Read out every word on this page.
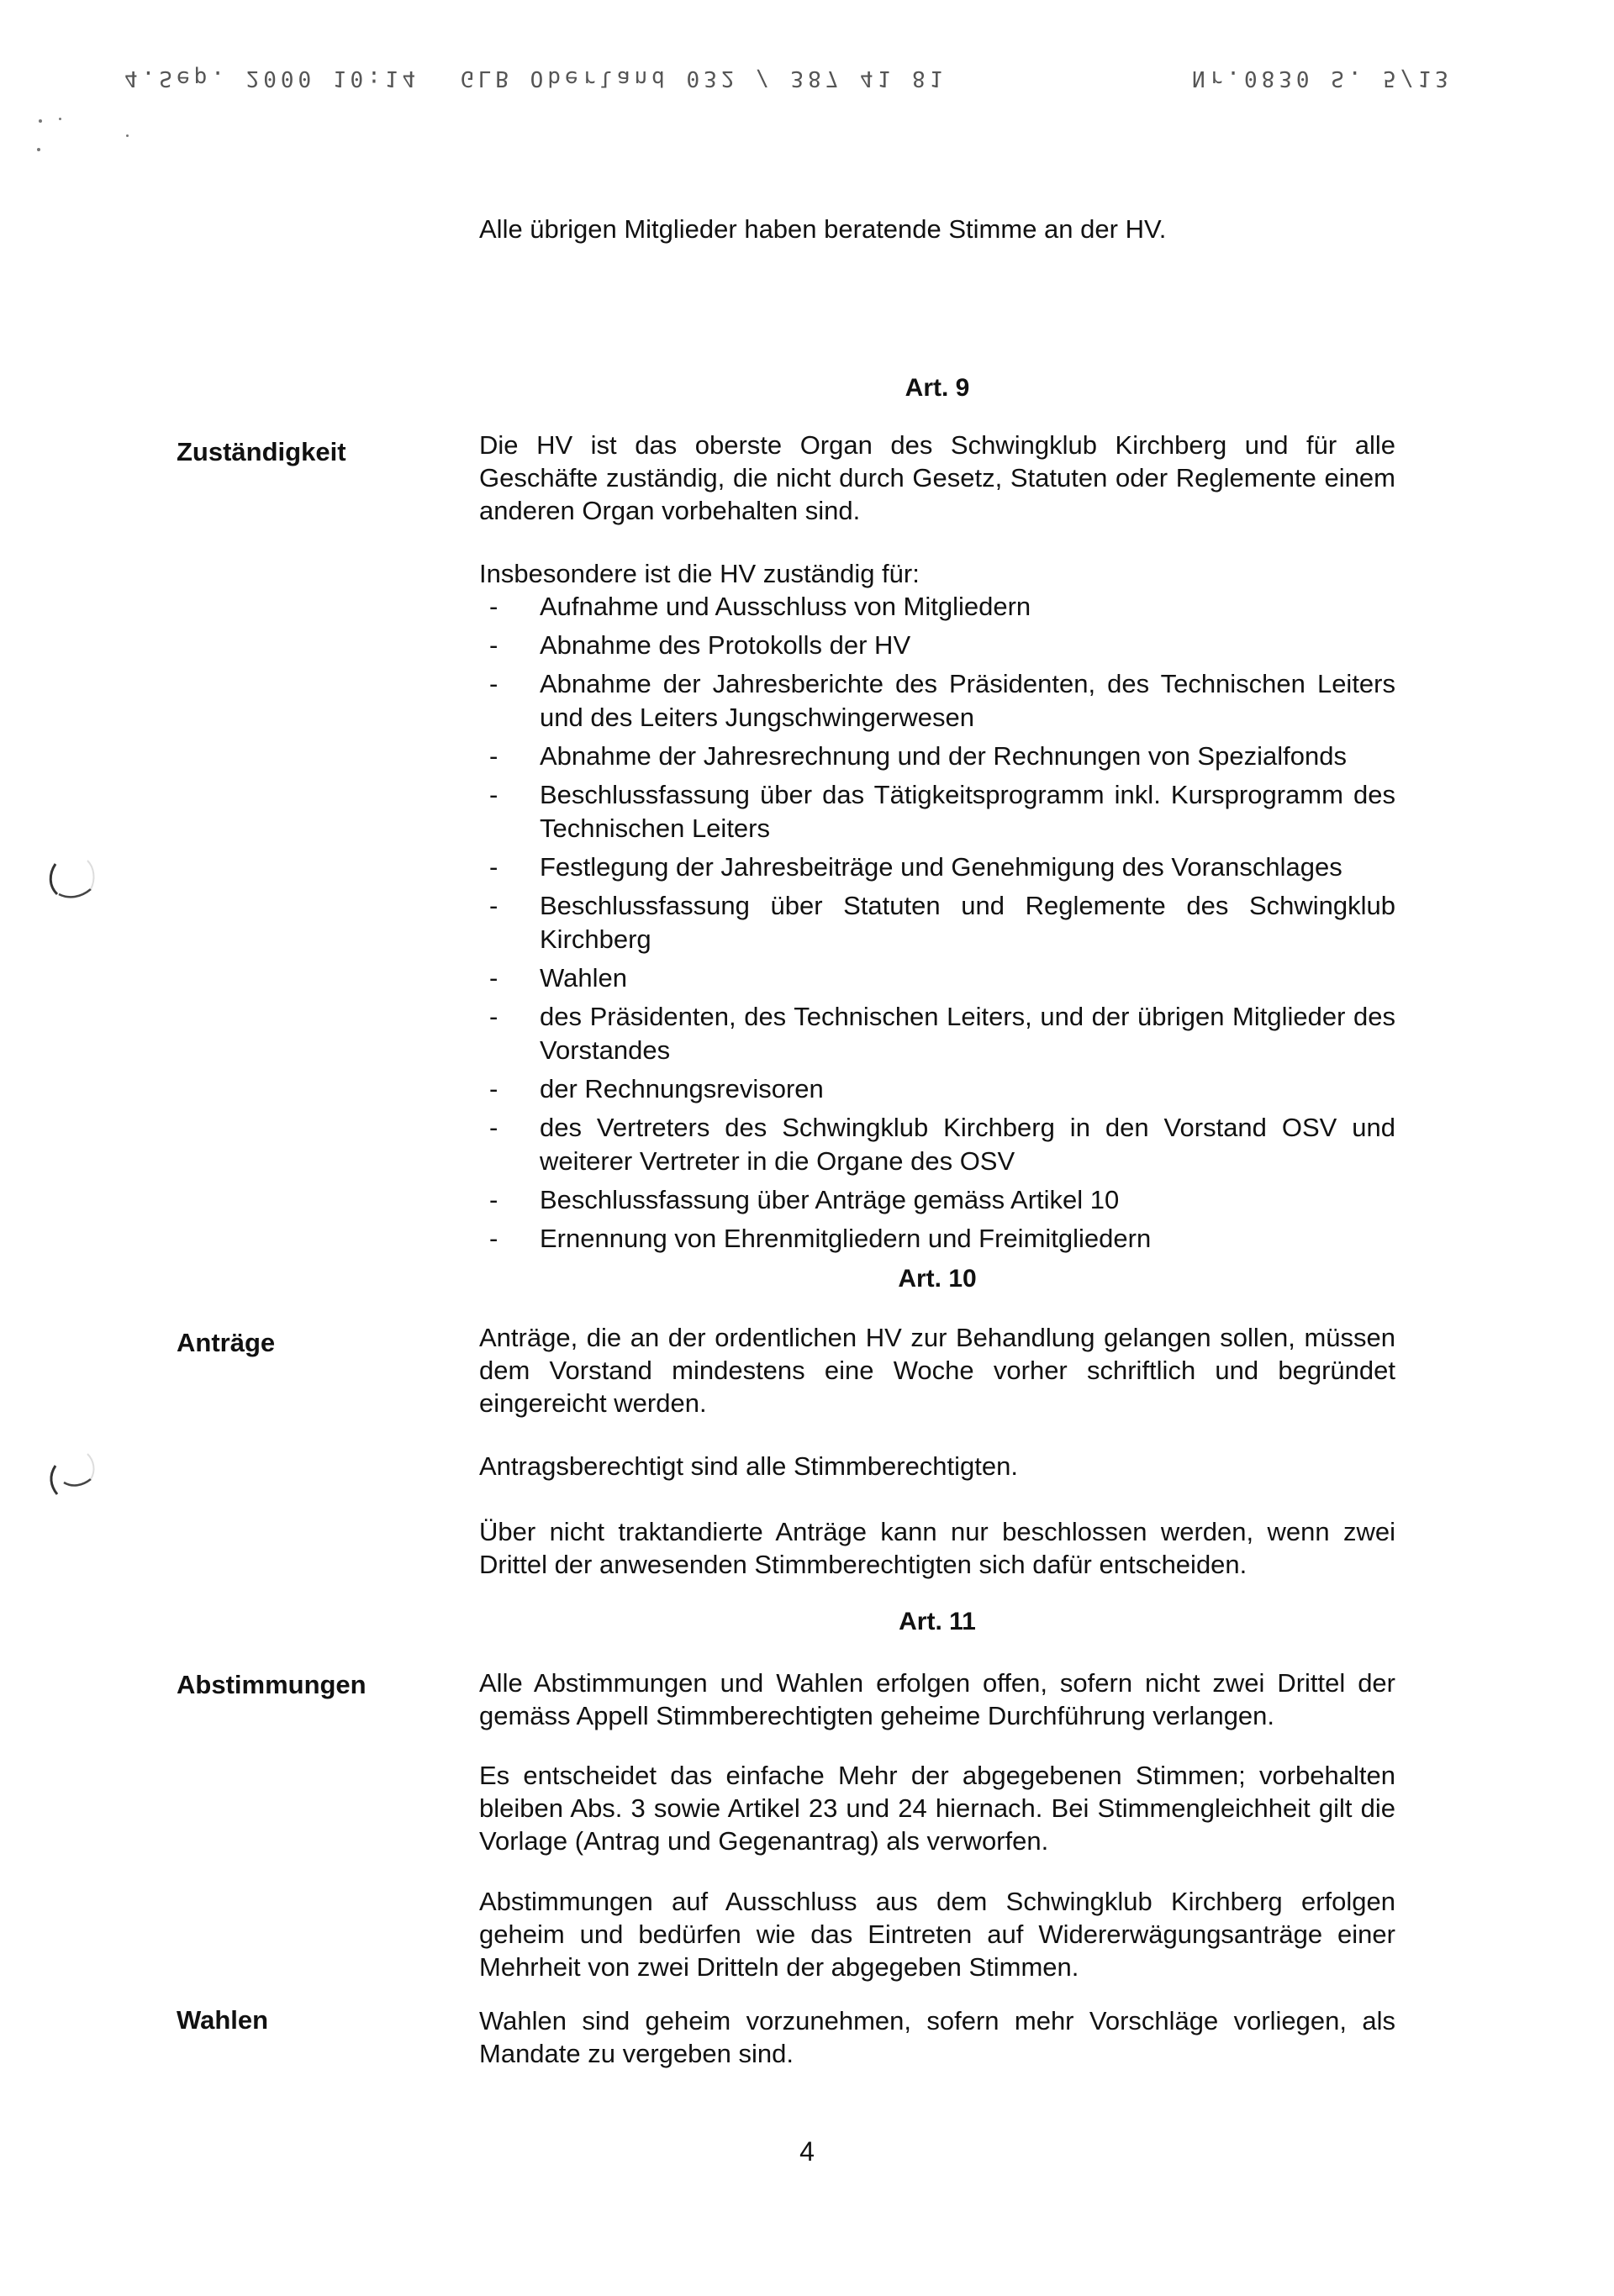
4.Sep. 2000 10:14 GLB Oberland 032 / 387 41 81	Nr.0830 S. 5/13

Alle übrigen Mitglieder haben beratende Stimme an der HV.

Art. 9
Zuständigkeit	Die HV ist das oberste Organ des Schwingklub Kirchberg und für alle Geschäfte zuständig, die nicht durch Gesetz, Statuten oder Reglemente einem anderen Organ vorbehalten sind.

Insbesondere ist die HV zuständig für:

- Aufnahme und Ausschluss von Mitgliedern
- Abnahme des Protokolls der HV
- Abnahme der Jahresberichte des Präsidenten, des Technischen Leiters und des Leiters Jungschwingerwesen
- Abnahme der Jahresrechnung und der Rechnungen von Spezialfonds
- Beschlussfassung über das Tätigkeitsprogramm inkl. Kursprogramm des Technischen Leiters
- Festlegung der Jahresbeiträge und Genehmigung des Voranschlages
- Beschlussfassung über Statuten und Reglemente des Schwingklub Kirchberg
- Wahlen
- des Präsidenten, des Technischen Leiters, und der übrigen Mitglieder des Vorstandes
- der Rechnungsrevisoren
- des Vertreters des Schwingklub Kirchberg in den Vorstand OSV und weiterer Vertreter in die Organe des OSV
- Beschlussfassung über Anträge gemäss Artikel 10
- Ernennung von Ehrenmitgliedern und Freimitgliedern
Art. 10
Anträge	Anträge, die an der ordentlichen HV zur Behandlung gelangen sollen, müssen dem Vorstand mindestens eine Woche vorher schriftlich und begründet eingereicht werden.

Antragsberechtigt sind alle Stimmberechtigten.

Über nicht traktandierte Anträge kann nur beschlossen werden, wenn zwei Drittel der anwesenden Stimmberechtigten sich dafür entscheiden.

Art. 11
Abstimmungen	Alle Abstimmungen und Wahlen erfolgen offen, sofern nicht zwei Drittel der gemäss Appell Stimmberechtigten geheime Durchführung verlangen.

Es entscheidet das einfache Mehr der abgegebenen Stimmen; vorbehalten bleiben Abs. 3 sowie Artikel 23 und 24 hiernach. Bei Stimmengleichheit gilt die Vorlage (Antrag und Gegenantrag) als verworfen.

Abstimmungen auf Ausschluss aus dem Schwingklub Kirchberg erfolgen geheim und bedürfen wie das Eintreten auf Widererwägungsanträge einer Mehrheit von zwei Dritteln der abgegeben Stimmen.

Wahlen	Wahlen sind geheim vorzunehmen, sofern mehr Vorschläge vorliegen, als Mandate zu vergeben sind.

4
